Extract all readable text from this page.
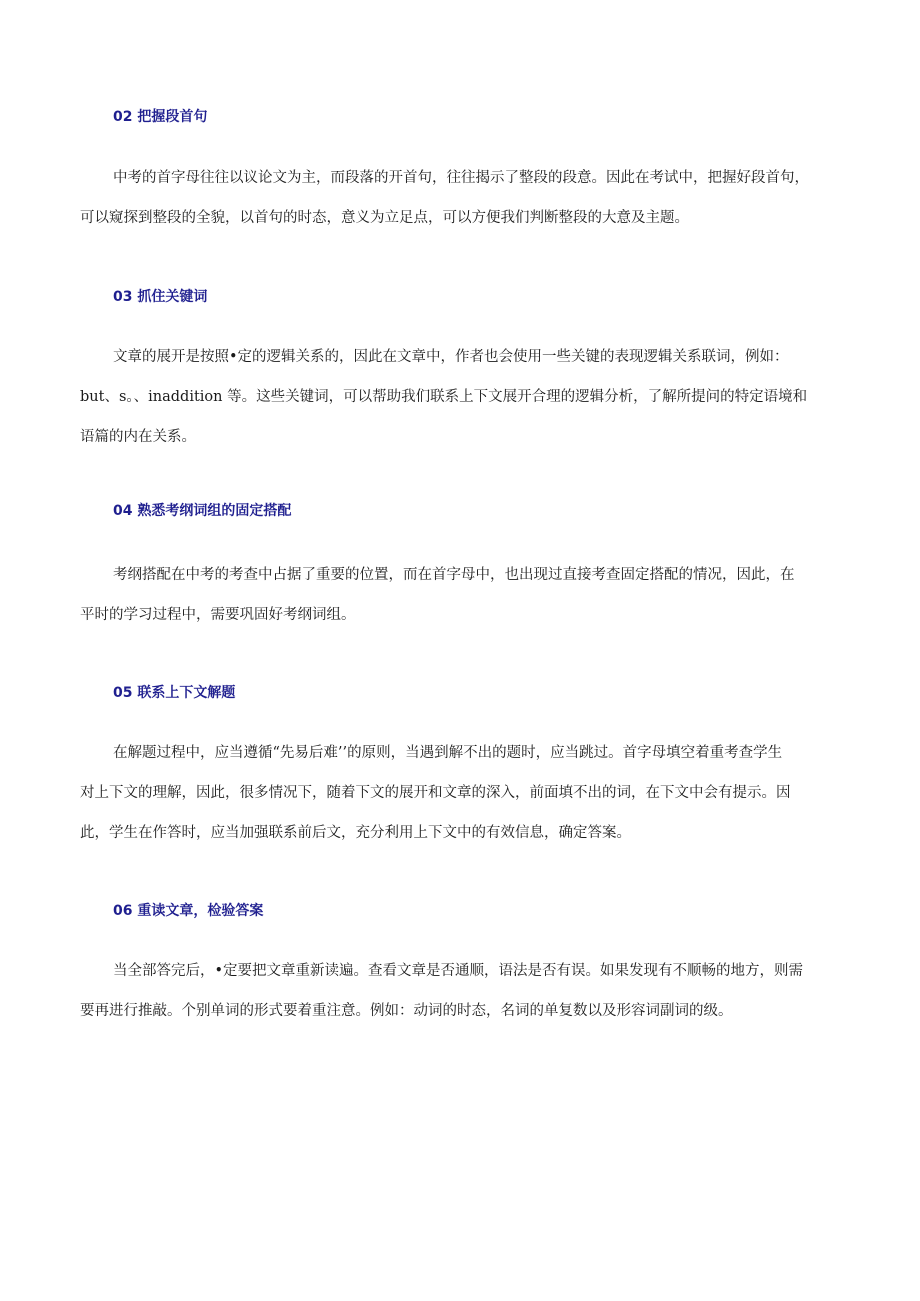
02 把握段首句
中考的首字母往往以议论文为主，而段落的开首句，往往揭示了整段的段意。因此在考试中，把握好段首句，
可以窥探到整段的全貌，以首句的时态，意义为立足点，可以方便我们判断整段的大意及主题。
03 抓住关键词
文章的展开是按照•定的逻辑关系的，因此在文章中，作者也会使用一些关键的表现逻辑关系联词，例如：
but、s。、inaddition 等。这些关键词，可以帮助我们联系上下文展开合理的逻辑分析，了解所提问的特定语境和
语篇的内在关系。
04 熟悉考纲词组的固定搭配
考纲搭配在中考的考查中占据了重要的位置，而在首字母中，也出现过直接考查固定搭配的情况，因此，在
平时的学习过程中，需要巩固好考纲词组。
05 联系上下文解题
在解题过程中，应当遵循“先易后难’’的原则，当遇到解不出的题时，应当跳过。首字母填空着重考查学生
对上下文的理解，因此，很多情况下，随着下文的展开和文章的深入，前面填不出的词，在下文中会有提示。因
此，学生在作答时，应当加强联系前后文，充分利用上下文中的有效信息，确定答案。
06 重读文章，检验答案
当全部答完后，•定要把文章重新读遍。查看文章是否通顺，语法是否有误。如果发现有不顺畅的地方，则需
要再进行推敲。个别单词的形式要着重注意。例如：动词的时态，名词的单复数以及形容词副词的级。
